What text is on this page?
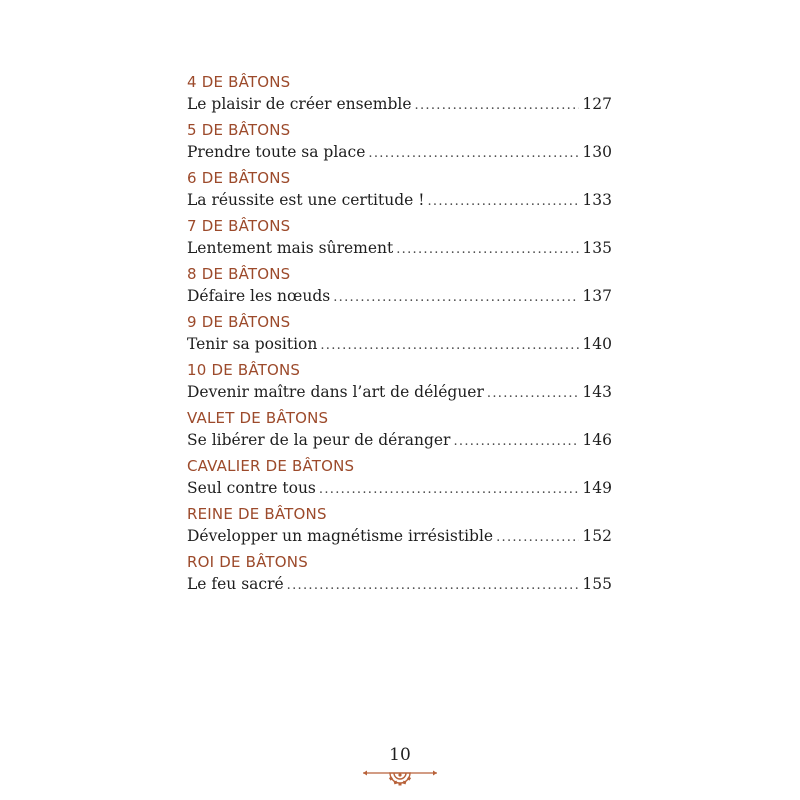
4 DE BÂTONS
Le plaisir de créer ensemble .....	127
5 DE BÂTONS
Prendre toute sa place .....	130
6 DE BÂTONS
La réussite est une certitude ! .....	133
7 DE BÂTONS
Lentement mais sûrement .....	135
8 DE BÂTONS
Défaire les nœuds .....	137
9 DE BÂTONS
Tenir sa position .....	140
10 DE BÂTONS
Devenir maître dans l’art de déléguer .....	143
VALET DE BÂTONS
Se libérer de la peur de déranger .....	146
CAVALIER DE BÂTONS
Seul contre tous .....	149
REINE DE BÂTONS
Développer un magnétisme irrésistible .....	152
ROI DE BÂTONS
Le feu sacré .....	155
10
